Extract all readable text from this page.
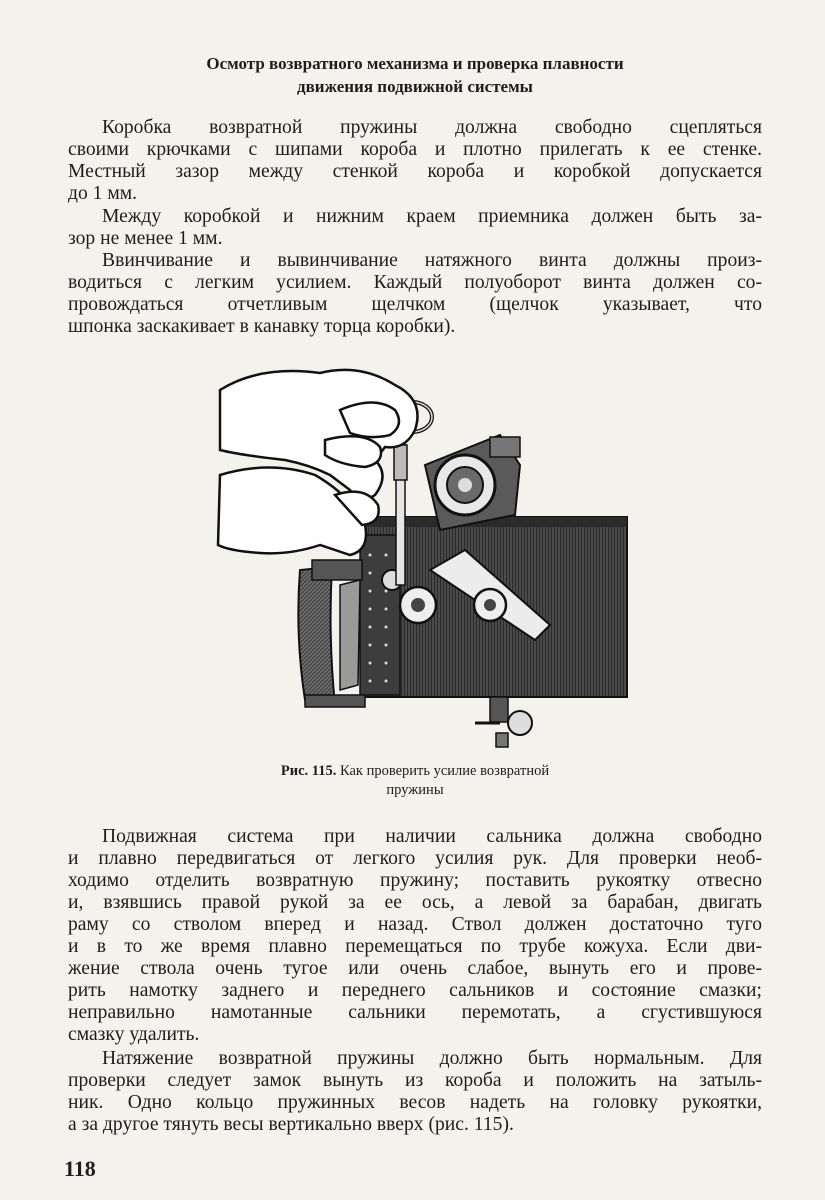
Осмотр возвратного механизма и проверка плавности
движения подвижной системы
Коробка возвратной пружины должна свободно сцепляться
своими крючками с шипами короба и плотно прилегать к ее стенке.
Местный зазор между стенкой короба и коробкой допускается
до 1 мм.
Между коробкой и нижним краем приемника должен быть за-
зор не менее 1 мм.
Ввинчивание и вывинчивание натяжного винта должны произ-
водиться с легким усилием. Каждый полуоборот винта должен со-
провождаться отчетливым щелчком (щелчок указывает, что
шпонка заскакивает в канавку торца коробки).
Рис. 115. Как проверить усилие возвратной
пружины
Подвижная система при наличии сальника должна свободно
и плавно передвигаться от легкого усилия рук. Для проверки необ-
ходимо отделить возвратную пружину; поставить рукоятку отвесно
и, взявшись правой рукой за ее ось, а левой за барабан, двигать
раму со стволом вперед и назад. Ствол должен достаточно туго
и в то же время плавно перемещаться по трубе кожуха. Если дви-
жение ствола очень тугое или очень слабое, вынуть его и прове-
рить намотку заднего и переднего сальников и состояние смазки;
неправильно намотанные сальники перемотать, а сгустившуюся
смазку удалить.
Натяжение возвратной пружины должно быть нормальным. Для
проверки следует замок вынуть из короба и положить на затыль-
ник. Одно кольцо пружинных весов надеть на головку рукоятки,
а за другое тянуть весы вертикально вверх (рис. 115).
118
